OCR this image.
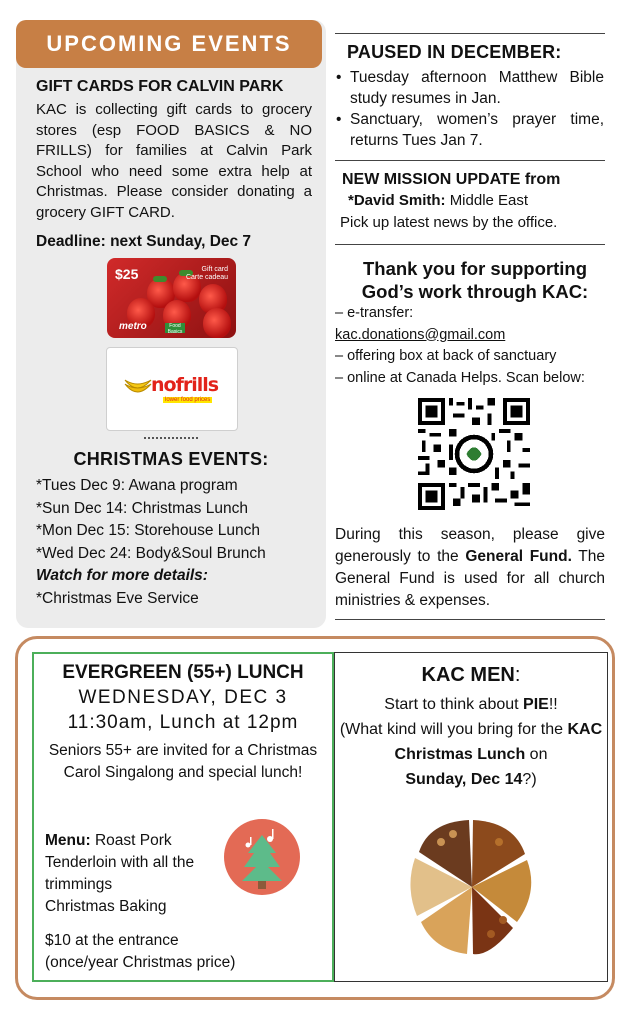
UPCOMING EVENTS
GIFT CARDS FOR CALVIN PARK
KAC is collecting gift cards to grocery stores (esp FOOD BASICS & NO FRILLS) for families at Calvin Park School who need some extra help at Christmas. Please consider donating a grocery GIFT CARD.
Deadline: next Sunday, Dec 7
$25	Gift card
Carte cadeau
metro	Food Basics
nofrills
lower food prices
CHRISTMAS EVENTS:
*Tues Dec 9: Awana program
*Sun Dec 14: Christmas Lunch
*Mon Dec 15: Storehouse Lunch
*Wed Dec 24: Body&Soul Brunch
Watch for more details:
*Christmas Eve Service
PAUSED IN DECEMBER:
• Tuesday afternoon Matthew Bible study resumes in Jan.
• Sanctuary, women’s prayer time, returns Tues Jan 7.
NEW MISSION UPDATE from
*David Smith: Middle East
Pick up latest news by the office.
Thank you for supporting
God’s work through KAC:
– e-transfer:
kac.donations@gmail.com
– offering box at back of sanctuary
– online at Canada Helps. Scan below:
During this season, please give generously to the General Fund. The General Fund is used for all church ministries & expenses.
EVERGREEN (55+) LUNCH
WEDNESDAY, DEC 3
11:30am, Lunch at 12pm
Seniors 55+ are invited for a Christmas Carol Singalong and special lunch!
Menu: Roast Pork Tenderloin with all the trimmings
Christmas Baking
$10 at the entrance
(once/year Christmas price)
KAC MEN:
Start to think about PIE!!
(What kind will you bring for the KAC Christmas Lunch on
Sunday, Dec 14?)
